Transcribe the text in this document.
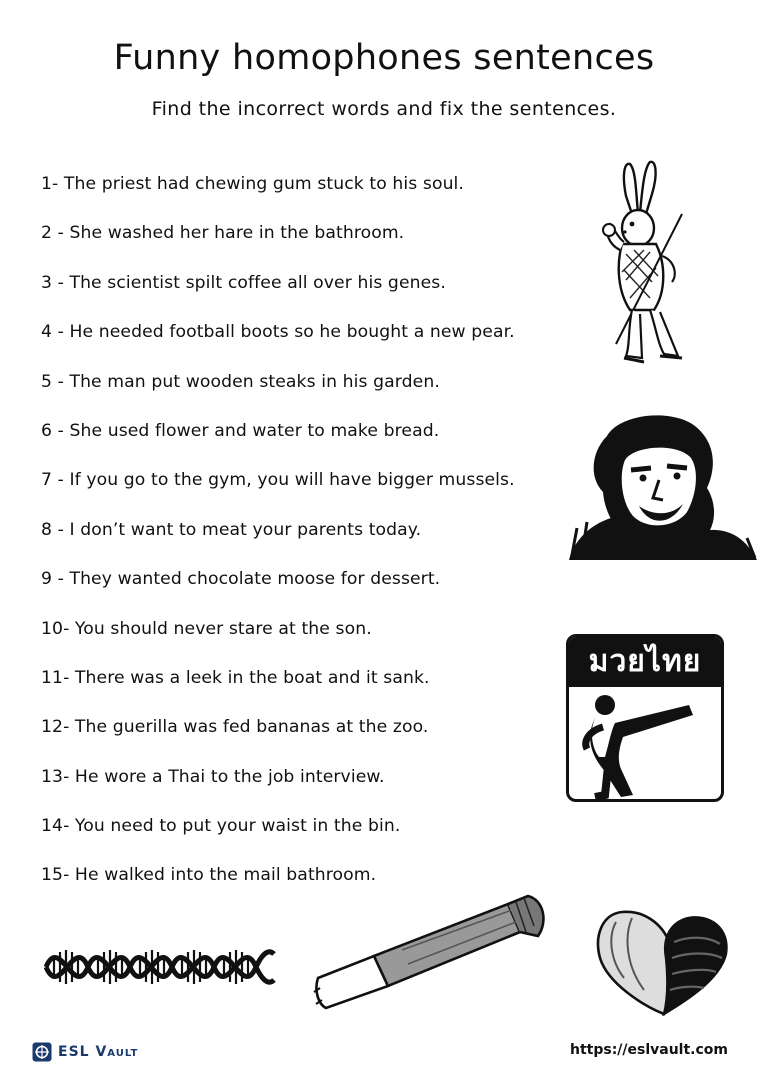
Funny homophones sentences
Find the incorrect words and fix the sentences.
1- The priest had chewing gum stuck to his soul.
2 - She washed her hare in the bathroom.
3 - The scientist spilt coffee all over his genes.
4 - He needed football boots so he bought a new pear.
5 - The man put wooden steaks in his garden.
6 - She used flower and water to make bread.
7 - If you go to the gym, you will have bigger mussels.
8 - I don’t want to meat your parents today.
9 - They wanted chocolate moose for dessert.
10- You should never stare at the son.
11- There was a leek in the boat and it sank.
12- The guerilla was fed bananas at the zoo.
13- He wore a Thai to the job interview.
14- You need to put your waist in the bin.
15- He walked into the mail bathroom.
มวยไทย
ESL Vault	https://eslvault.com
